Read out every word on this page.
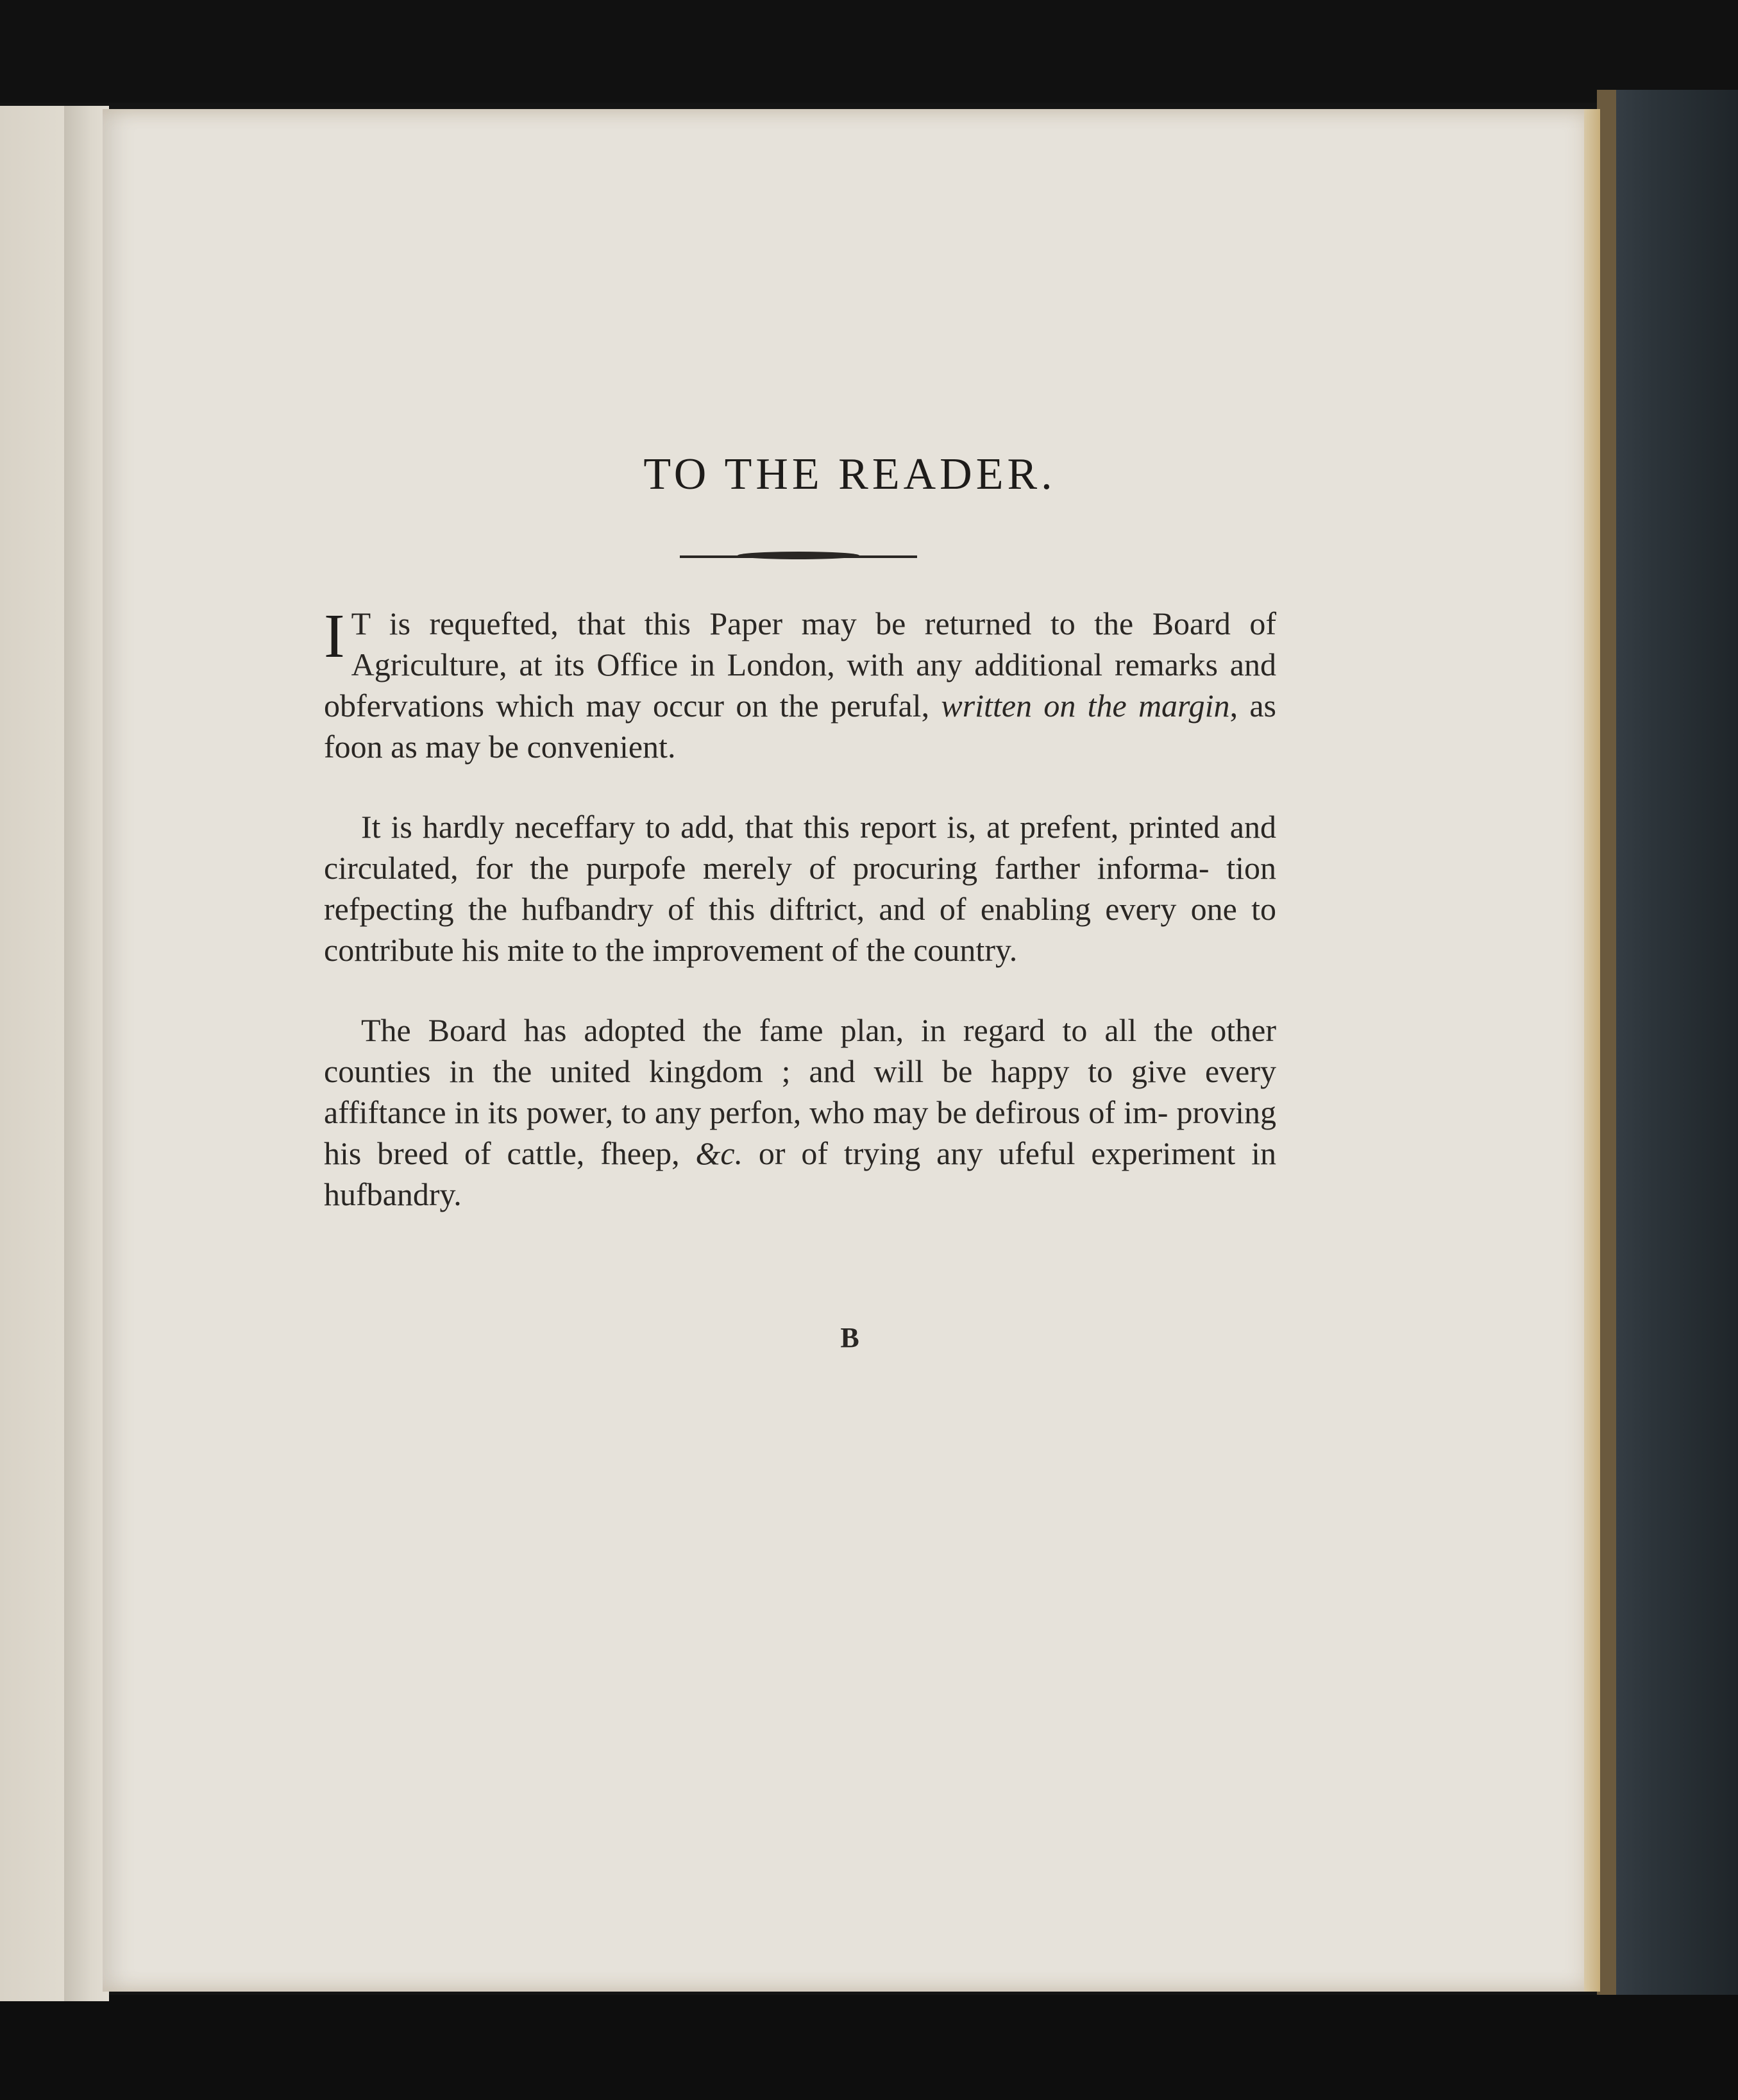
TO THE READER.

I T is requefted, that this Paper may be returned to the Board of Agriculture, at its Office in London, with any additional remarks and obfervations which may occur on the perufal, written on the margin, as foon as may be convenient.

It is hardly neceffary to add, that this report is, at prefent, printed and circulated, for the purpofe merely of procuring farther informa- tion refpecting the hufbandry of this diftrict, and of enabling every one to contribute his mite to the improvement of the country.

The Board has adopted the fame plan, in regard to all the other counties in the united kingdom ; and will be happy to give every affiftance in its power, to any perfon, who may be defirous of im- proving his breed of cattle, fheep, &c. or of trying any ufeful experiment in hufbandry.

B
